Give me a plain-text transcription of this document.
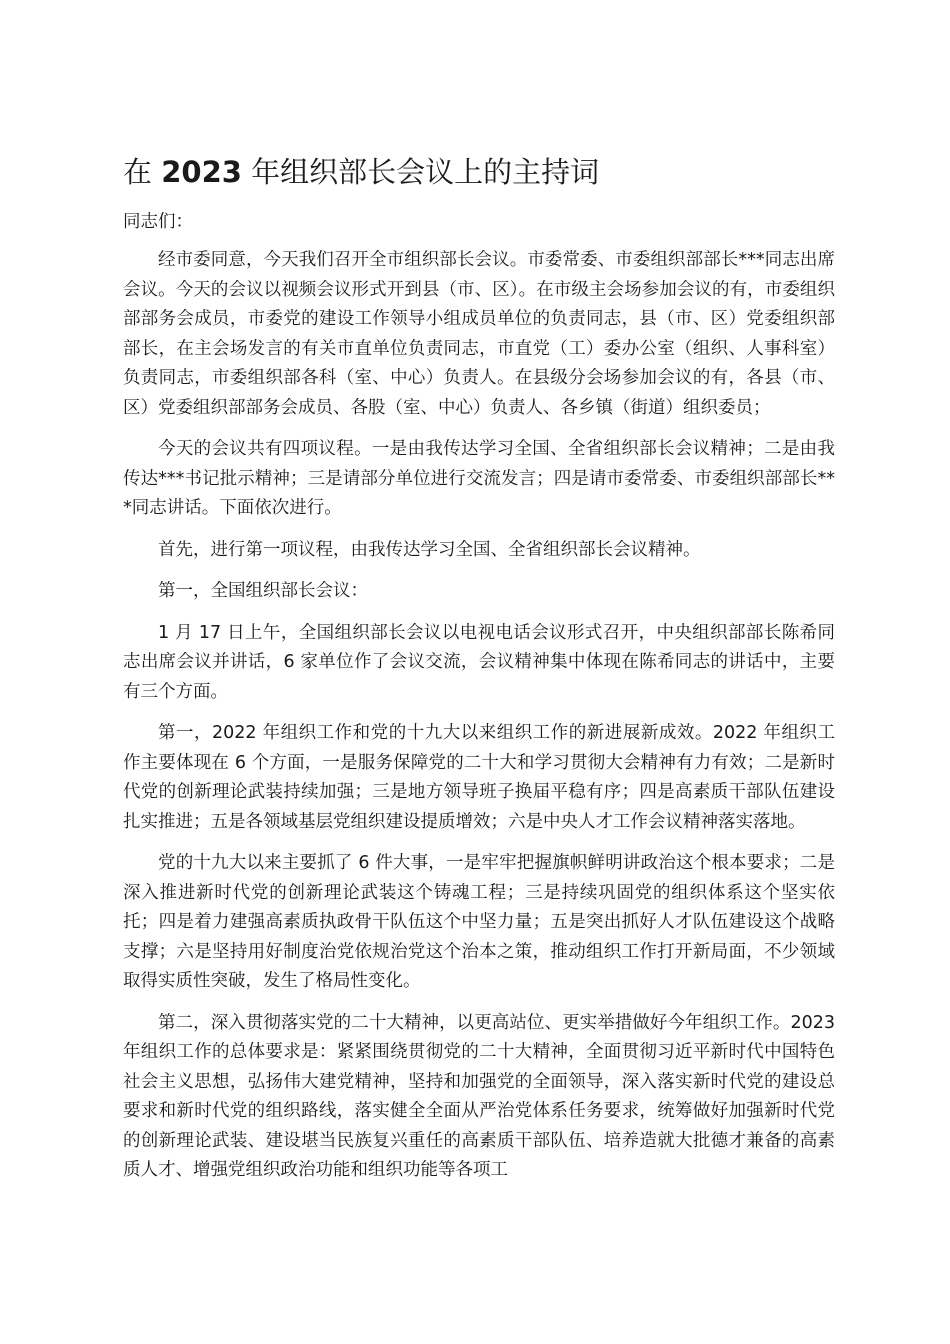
在 2023 年组织部长会议上的主持词

同志们：

经市委同意，今天我们召开全市组织部长会议。市委常委、市委组织部部长***同志出席会议。今天的会议以视频会议形式开到县（市、区）。在市级主会场参加会议的有，市委组织部部务会成员，市委党的建设工作领导小组成员单位的负责同志，县（市、区）党委组织部部长，在主会场发言的有关市直单位负责同志，市直党（工）委办公室（组织、人事科室）负责同志，市委组织部各科（室、中心）负责人。在县级分会场参加会议的有，各县（市、区）党委组织部部务会成员、各股（室、中心）负责人、各乡镇（街道）组织委员；

今天的会议共有四项议程。一是由我传达学习全国、全省组织部长会议精神；二是由我传达***书记批示精神；三是请部分单位进行交流发言；四是请市委常委、市委组织部部长***同志讲话。下面依次进行。

首先，进行第一项议程，由我传达学习全国、全省组织部长会议精神。

第一，全国组织部长会议：

1 月 17 日上午，全国组织部长会议以电视电话会议形式召开，中央组织部部长陈希同志出席会议并讲话，6 家单位作了会议交流，会议精神集中体现在陈希同志的讲话中，主要有三个方面。

第一，2022 年组织工作和党的十九大以来组织工作的新进展新成效。2022 年组织工作主要体现在 6 个方面，一是服务保障党的二十大和学习贯彻大会精神有力有效；二是新时代党的创新理论武装持续加强；三是地方领导班子换届平稳有序；四是高素质干部队伍建设扎实推进；五是各领域基层党组织建设提质增效；六是中央人才工作会议精神落实落地。

党的十九大以来主要抓了 6 件大事，一是牢牢把握旗帜鲜明讲政治这个根本要求；二是深入推进新时代党的创新理论武装这个铸魂工程；三是持续巩固党的组织体系这个坚实依托；四是着力建强高素质执政骨干队伍这个中坚力量；五是突出抓好人才队伍建设这个战略支撑；六是坚持用好制度治党依规治党这个治本之策，推动组织工作打开新局面，不少领域取得实质性突破，发生了格局性变化。

第二，深入贯彻落实党的二十大精神，以更高站位、更实举措做好今年组织工作。2023 年组织工作的总体要求是：紧紧围绕贯彻党的二十大精神，全面贯彻习近平新时代中国特色社会主义思想，弘扬伟大建党精神，坚持和加强党的全面领导，深入落实新时代党的建设总要求和新时代党的组织路线，落实健全全面从严治党体系任务要求，统筹做好加强新时代党的创新理论武装、建设堪当民族复兴重任的高素质干部队伍、培养造就大批德才兼备的高素质人才、增强党组织政治功能和组织功能等各项工
